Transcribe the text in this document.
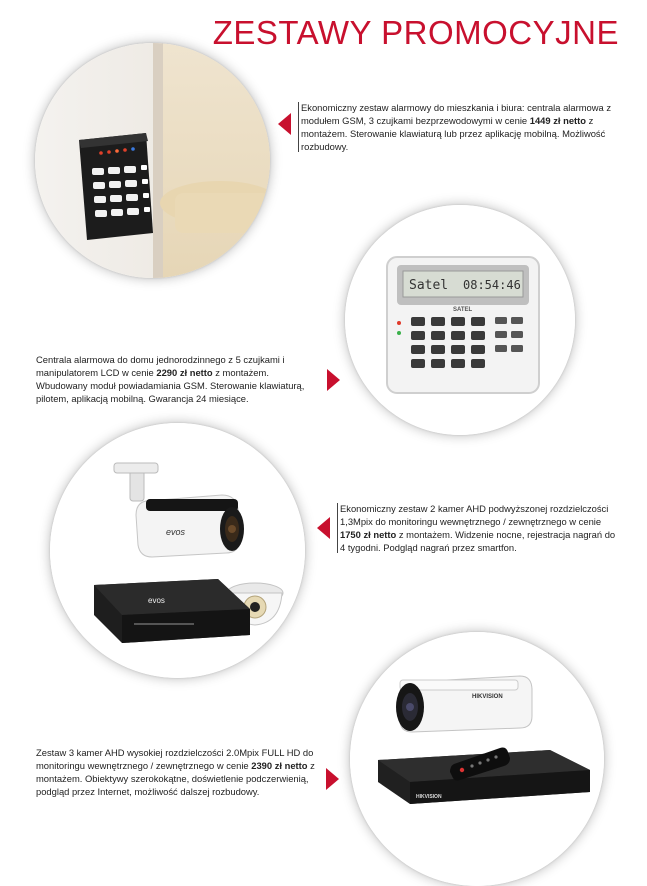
ZESTAWY PROMOCYJNE
Ekonomiczny zestaw alarmowy do mieszkania i biura: centrala alarmowa z modułem GSM, 3 czujkami bezprzewodowymi w cenie 1449 zł netto z montażem. Sterowanie klawiaturą lub przez aplikację mobilną. Możliwość rozbudowy.
Satel 08:54:46
SATEL
Centrala alarmowa do domu jednorodzinnego z 5 czujkami i manipulatorem LCD w cenie 2290 zł netto z montażem. Wbudowany moduł powiadamiania GSM. Sterowanie klawiaturą, pilotem, aplikacją mobilną. Gwarancja 24 miesiące.
evos
evos
Ekonomiczny zestaw 2 kamer AHD podwyższonej rozdzielczości 1,3Mpix do monitoringu wewnętrznego / zewnętrznego w cenie 1750 zł netto z montażem. Widzenie nocne, rejestracja nagrań do 4 tygodni. Podgląd nagrań przez smartfon.
HIKVISION
HIKVISION
Zestaw 3 kamer AHD wysokiej rozdzielczości 2.0Mpix FULL HD do monitoringu wewnętrznego / zewnętrznego w cenie 2390 zł netto z montażem. Obiektywy szerokokątne, doświetlenie podczerwienią, podgląd przez Internet, możliwość dalszej rozbudowy.
